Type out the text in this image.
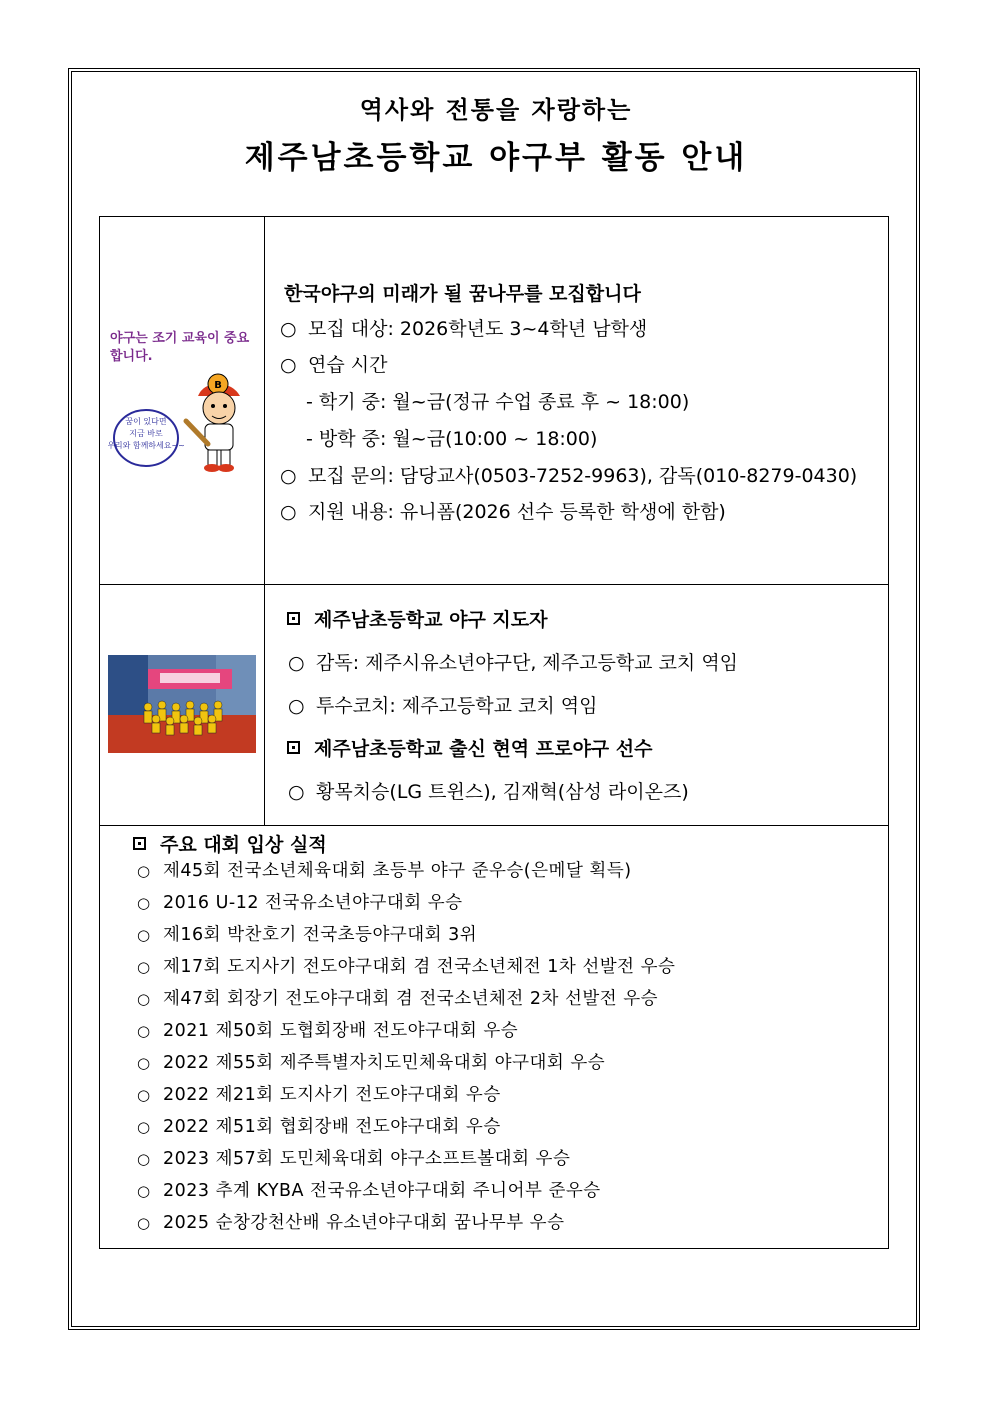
역사와 전통을 자랑하는
제주남초등학교 야구부 활동 안내
꿈이 있다면
지금 바로
우리와 함께하세요~~
B
야구는 조기 교육이 중요합니다.
한국야구의 미래가 될 꿈나무를 모집합니다
○ 모집 대상: 2026학년도 3~4학년 남학생
○ 연습 시간
- 학기 중: 월~금(정규 수업 종료 후 ~ 18:00)
- 방학 중: 월~금(10:00 ~ 18:00)
○ 모집 문의: 담당교사(0503-7252-9963), 감독(010-8279-0430)
○ 지원 내용: 유니폼(2026 선수 등록한 학생에 한함)
제주남초등학교 야구 지도자
○ 감독: 제주시유소년야구단, 제주고등학교 코치 역임
○ 투수코치: 제주고등학교 코치 역임
제주남초등학교 출신 현역 프로야구 선수
○ 황목치승(LG 트윈스), 김재혁(삼성 라이온즈)
주요 대회 입상 실적
○ 제45회 전국소년체육대회 초등부 야구 준우승(은메달 획득)
○ 2016 U-12 전국유소년야구대회 우승
○ 제16회 박찬호기 전국초등야구대회 3위
○ 제17회 도지사기 전도야구대회 겸 전국소년체전 1차 선발전 우승
○ 제47회 회장기 전도야구대회 겸 전국소년체전 2차 선발전 우승
○ 2021 제50회 도협회장배 전도야구대회 우승
○ 2022 제55회 제주특별자치도민체육대회 야구대회 우승
○ 2022 제21회 도지사기 전도야구대회 우승
○ 2022 제51회 협회장배 전도야구대회 우승
○ 2023 제57회 도민체육대회 야구소프트볼대회 우승
○ 2023 추계 KYBA 전국유소년야구대회 주니어부 준우승
○ 2025 순창강천산배 유소년야구대회 꿈나무부 우승
